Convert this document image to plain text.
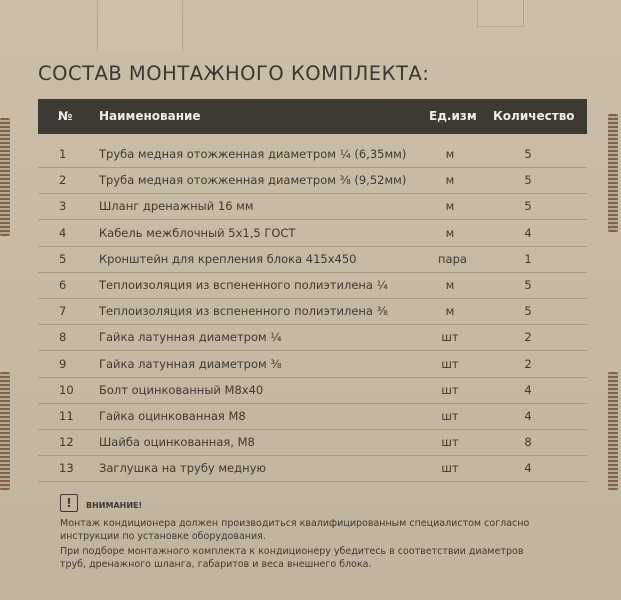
СОСТАВ МОНТАЖНОГО КОМПЛЕКТА:
№ Наименование	Ед.изм Количество
1	Труба медная отожженная диаметром ¼ (6,35мм)	м	5
2	Труба медная отожженная диаметром ⅜ (9,52мм)	м	5
3	Шланг дренажный 16 мм	м	5
4	Кабель межблочный 5х1,5 ГОСТ	м	4
5	Кронштейн для крепления блока 415х450	пара	1
6	Теплоизоляция из вспененного полиэтилена ¼	м	5
7	Теплоизоляция из вспененного полиэтилена ⅜	м	5
8	Гайка латунная диаметром ¼	шт	2
9	Гайка латунная диаметром ⅜	шт	2
10 Болт оцинкованный М8х40	шт	4
11 Гайка оцинкованная М8	шт	4
12 Шайба оцинкованная, М8	шт	8
13 Заглушка на трубу медную	шт	4
!	ВНИМАНИЕ!
Монтаж кондиционера должен производиться квалифицированным специалистом согласно
инструкции по установке оборудования.
При подборе монтажного комплекта к кондиционеру убедитесь в соответствии диаметров
труб, дренажного шланга, габаритов и веса внешнего блока.
